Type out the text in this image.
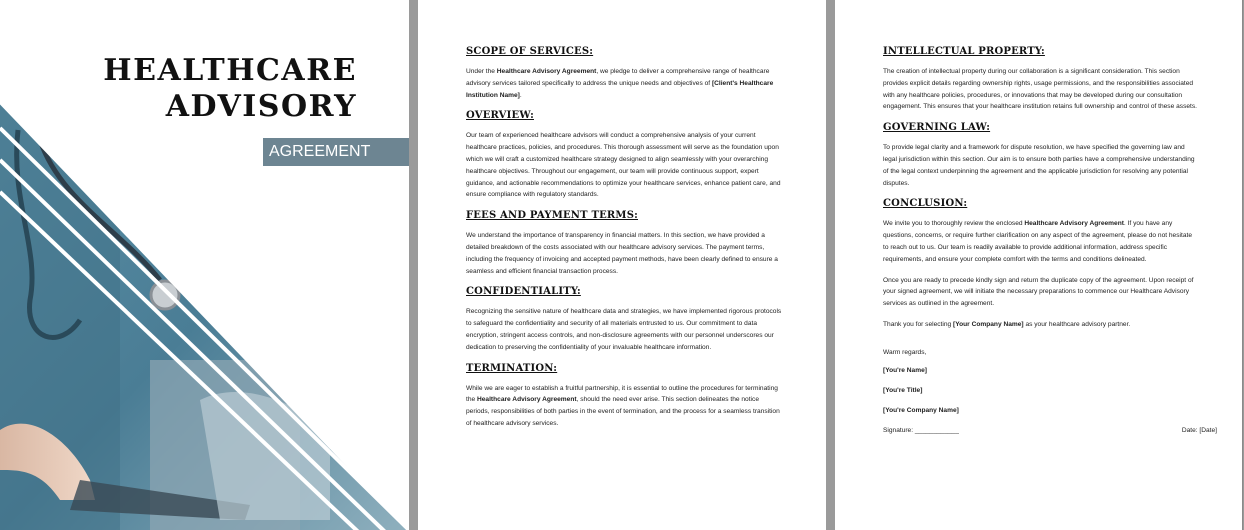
HEALTHCARE
ADVISORY
AGREEMENT

SCOPE OF SERVICES:

Under the Healthcare Advisory Agreement, we pledge to deliver a comprehensive range of healthcare advisory services tailored specifically to address the unique needs and objectives of [Client's Healthcare Institution Name].

OVERVIEW:

Our team of experienced healthcare advisors will conduct a comprehensive analysis of your current healthcare practices, policies, and procedures. This thorough assessment will serve as the foundation upon which we will craft a customized healthcare strategy designed to align seamlessly with your overarching healthcare objectives. Throughout our engagement, our team will provide continuous support, expert guidance, and actionable recommendations to optimize your healthcare services, enhance patient care, and ensure compliance with regulatory standards.

FEES AND PAYMENT TERMS:

We understand the importance of transparency in financial matters. In this section, we have provided a detailed breakdown of the costs associated with our healthcare advisory services. The payment terms, including the frequency of invoicing and accepted payment methods, have been clearly defined to ensure a seamless and efficient financial transaction process.

CONFIDENTIALITY:

Recognizing the sensitive nature of healthcare data and strategies, we have implemented rigorous protocols to safeguard the confidentiality and security of all materials entrusted to us. Our commitment to data encryption, stringent access controls, and non-disclosure agreements with our personnel underscores our dedication to preserving the confidentiality of your invaluable healthcare information.

TERMINATION:

While we are eager to establish a fruitful partnership, it is essential to outline the procedures for terminating the Healthcare Advisory Agreement, should the need ever arise. This section delineates the notice periods, responsibilities of both parties in the event of termination, and the process for a seamless transition of healthcare advisory services.

INTELLECTUAL PROPERTY:

The creation of intellectual property during our collaboration is a significant consideration. This section provides explicit details regarding ownership rights, usage permissions, and the responsibilities associated with any healthcare policies, procedures, or innovations that may be developed during our consultation engagement. This ensures that your healthcare institution retains full ownership and control of these assets.

GOVERNING LAW:

To provide legal clarity and a framework for dispute resolution, we have specified the governing law and legal jurisdiction within this section. Our aim is to ensure both parties have a comprehensive understanding of the legal context underpinning the agreement and the applicable jurisdiction for resolving any potential disputes.

CONCLUSION:

We invite you to thoroughly review the enclosed Healthcare Advisory Agreement. If you have any questions, concerns, or require further clarification on any aspect of the agreement, please do not hesitate to reach out to us. Our team is readily available to provide additional information, address specific requirements, and ensure your complete comfort with the terms and conditions delineated.

Once you are ready to precede kindly sign and return the duplicate copy of the agreement. Upon receipt of your signed agreement, we will initiate the necessary preparations to commence our Healthcare Advisory services as outlined in the agreement.

Thank you for selecting [Your Company Name] as your healthcare advisory partner.

Warm regards,

[You're Name]

[You're Title]

[You're Company Name]

Signature: ____________	Date: [Date]
